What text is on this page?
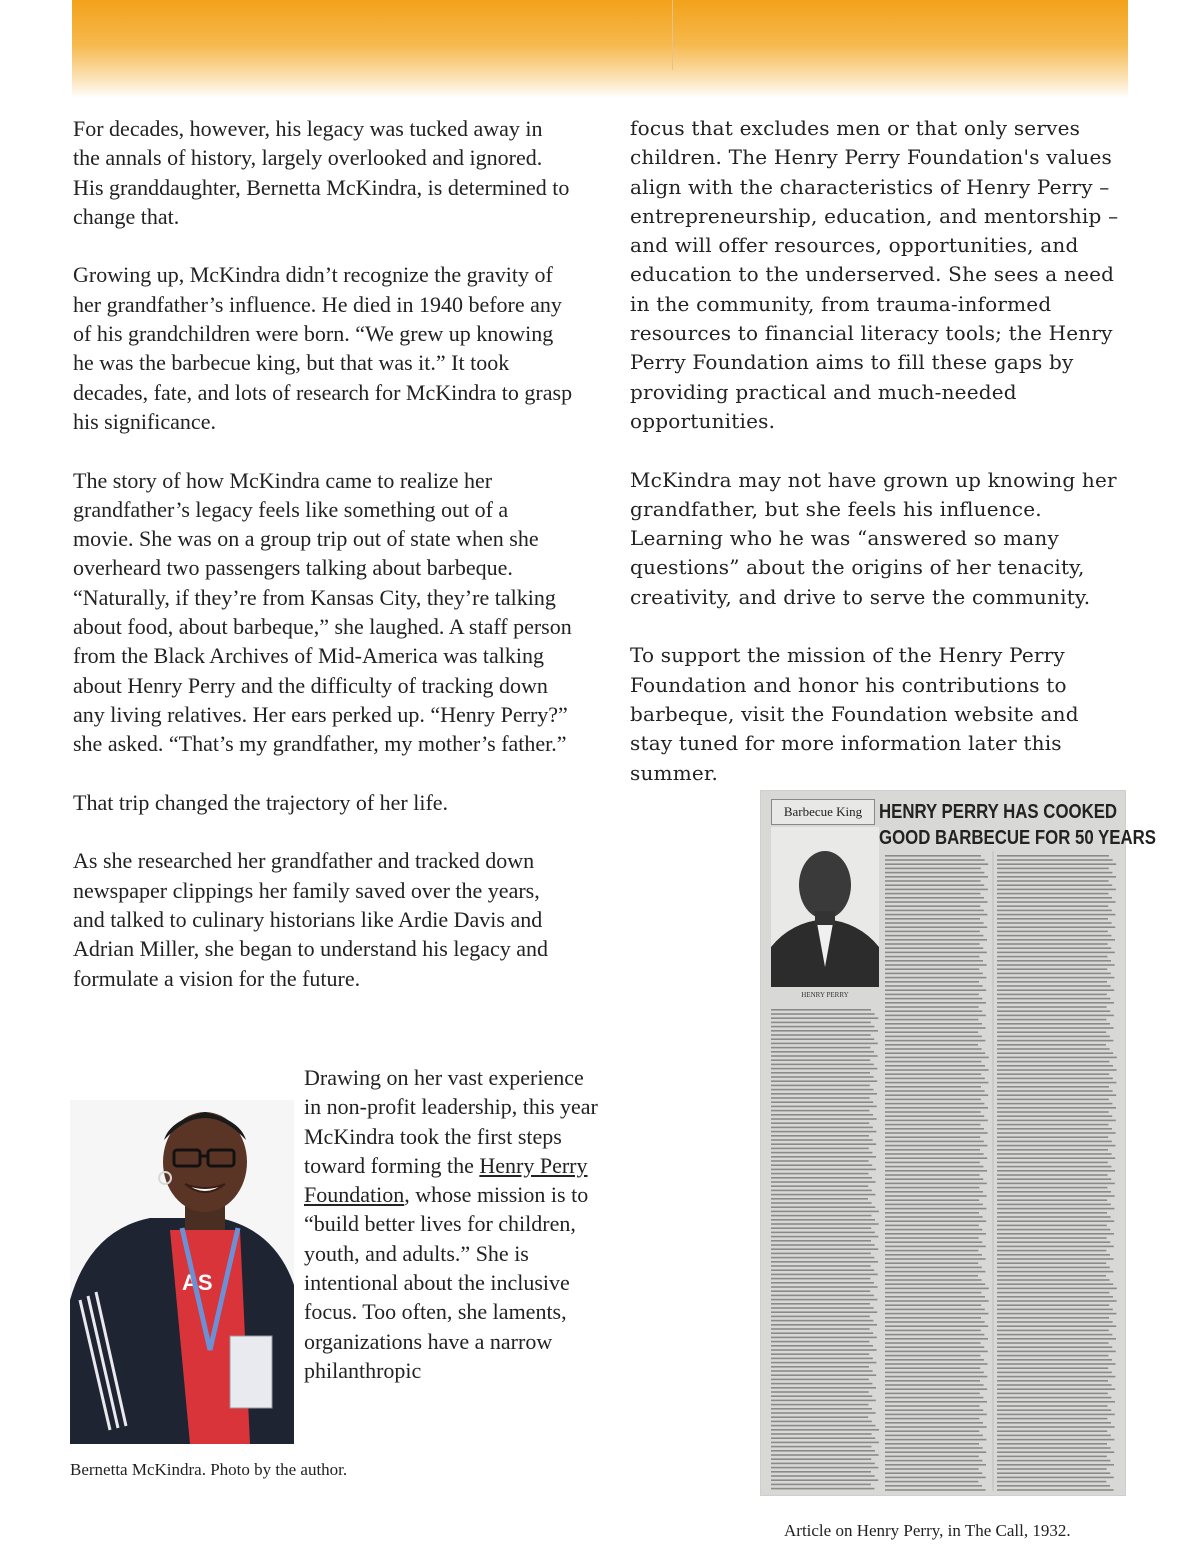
For decades, however, his legacy was tucked away in the annals of history, largely overlooked and ignored. His granddaughter, Bernetta McKindra, is determined to change that.

Growing up, McKindra didn’t recognize the gravity of her grandfather’s influence. He died in 1940 before any of his grandchildren were born. “We grew up knowing he was the barbecue king, but that was it.” It took decades, fate, and lots of research for McKindra to grasp his significance.

The story of how McKindra came to realize her grandfather’s legacy feels like something out of a movie. She was on a group trip out of state when she overheard two passengers talking about barbeque. “Naturally, if they’re from Kansas City, they’re talking about food, about barbeque,” she laughed. A staff person from the Black Archives of Mid-America was talking about Henry Perry and the difficulty of tracking down any living relatives. Her ears perked up. “Henry Perry?” she asked. “That’s my grandfather, my mother’s father.”

That trip changed the trajectory of her life.

As she researched her grandfather and tracked down newspaper clippings her family saved over the years, and talked to culinary historians like Ardie Davis and Adrian Miller, she began to understand his legacy and formulate a vision for the future.

Drawing on her vast experience in non-profit leadership, this year McKindra took the first steps toward forming the Henry Perry Foundation, whose mission is to “build better lives for children, youth, and adults.” She is intentional about the inclusive focus. Too often, she laments, organizations have a narrow philanthropic

AS
Bernetta McKindra. Photo by the author.

focus that excludes men or that only serves children. The Henry Perry Foundation's values align with the characteristics of Henry Perry – entrepreneurship, education, and mentorship – and will offer resources, opportunities, and education to the underserved. She sees a need in the community, from trauma-informed resources to financial literacy tools; the Henry Perry Foundation aims to fill these gaps by providing practical and much-needed opportunities.

McKindra may not have grown up knowing her grandfather, but she feels his influence. Learning who he was “answered so many questions” about the origins of her tenacity, creativity, and drive to serve the community.

To support the mission of the Henry Perry Foundation and honor his contributions to barbeque, visit the Foundation website and stay tuned for more information later this summer.

Barbecue King HENRY PERRY HAS COOKED
GOOD BARBECUE FOR 50 YEARS
HENRY PERRY
Article on Henry Perry, in The Call, 1932.
